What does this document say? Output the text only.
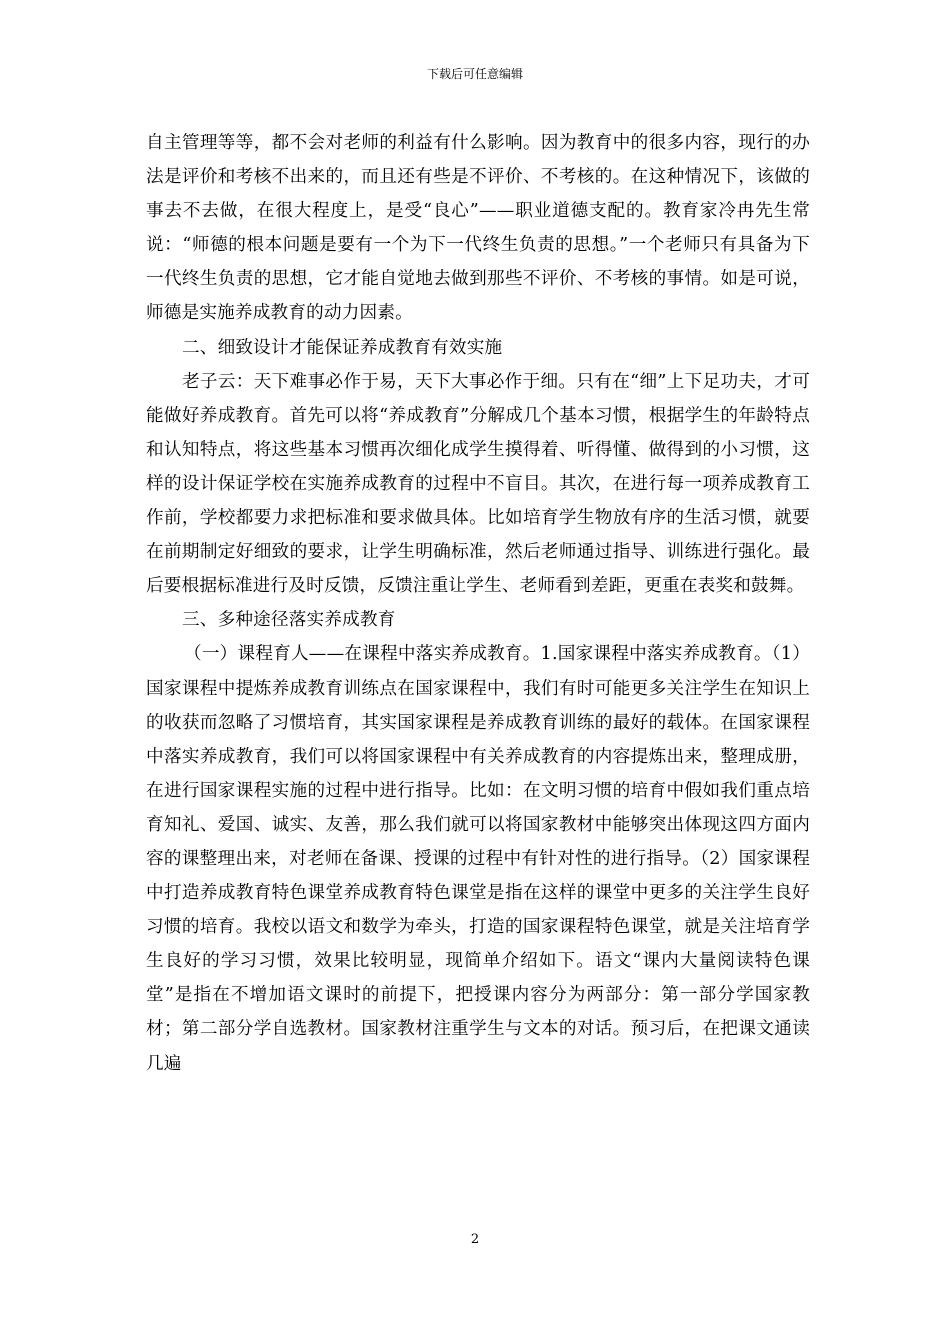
下载后可任意编辑

自主管理等等，都不会对老师的利益有什么影响。因为教育中的很多内容，现行的办法是评价和考核不出来的，而且还有些是不评价、不考核的。在这种情况下，该做的事去不去做，在很大程度上，是受“良心”——职业道德支配的。教育家冷冉先生常说：“师德的根本问题是要有一个为下一代终生负责的思想。”一个老师只有具备为下一代终生负责的思想，它才能自觉地去做到那些不评价、不考核的事情。如是可说，师德是实施养成教育的动力因素。

二、细致设计才能保证养成教育有效实施

老子云：天下难事必作于易，天下大事必作于细。只有在“细”上下足功夫，才可能做好养成教育。首先可以将“养成教育”分解成几个基本习惯，根据学生的年龄特点和认知特点，将这些基本习惯再次细化成学生摸得着、听得懂、做得到的小习惯，这样的设计保证学校在实施养成教育的过程中不盲目。其次，在进行每一项养成教育工作前，学校都要力求把标准和要求做具体。比如培育学生物放有序的生活习惯，就要在前期制定好细致的要求，让学生明确标准，然后老师通过指导、训练进行强化。最后要根据标准进行及时反馈，反馈注重让学生、老师看到差距，更重在表奖和鼓舞。

三、多种途径落实养成教育

（一）课程育人——在课程中落实养成教育。1.国家课程中落实养成教育。（1）国家课程中提炼养成教育训练点在国家课程中，我们有时可能更多关注学生在知识上的收获而忽略了习惯培育，其实国家课程是养成教育训练的最好的载体。在国家课程中落实养成教育，我们可以将国家课程中有关养成教育的内容提炼出来，整理成册，在进行国家课程实施的过程中进行指导。比如：在文明习惯的培育中假如我们重点培育知礼、爱国、诚实、友善，那么我们就可以将国家教材中能够突出体现这四方面内容的课整理出来，对老师在备课、授课的过程中有针对性的进行指导。（2）国家课程中打造养成教育特色课堂养成教育特色课堂是指在这样的课堂中更多的关注学生良好习惯的培育。我校以语文和数学为牵头，打造的国家课程特色课堂，就是关注培育学生良好的学习习惯，效果比较明显，现简单介绍如下。语文“课内大量阅读特色课堂”是指在不增加语文课时的前提下，把授课内容分为两部分：第一部分学国家教材；第二部分学自选教材。国家教材注重学生与文本的对话。预习后，在把课文通读几遍

2
